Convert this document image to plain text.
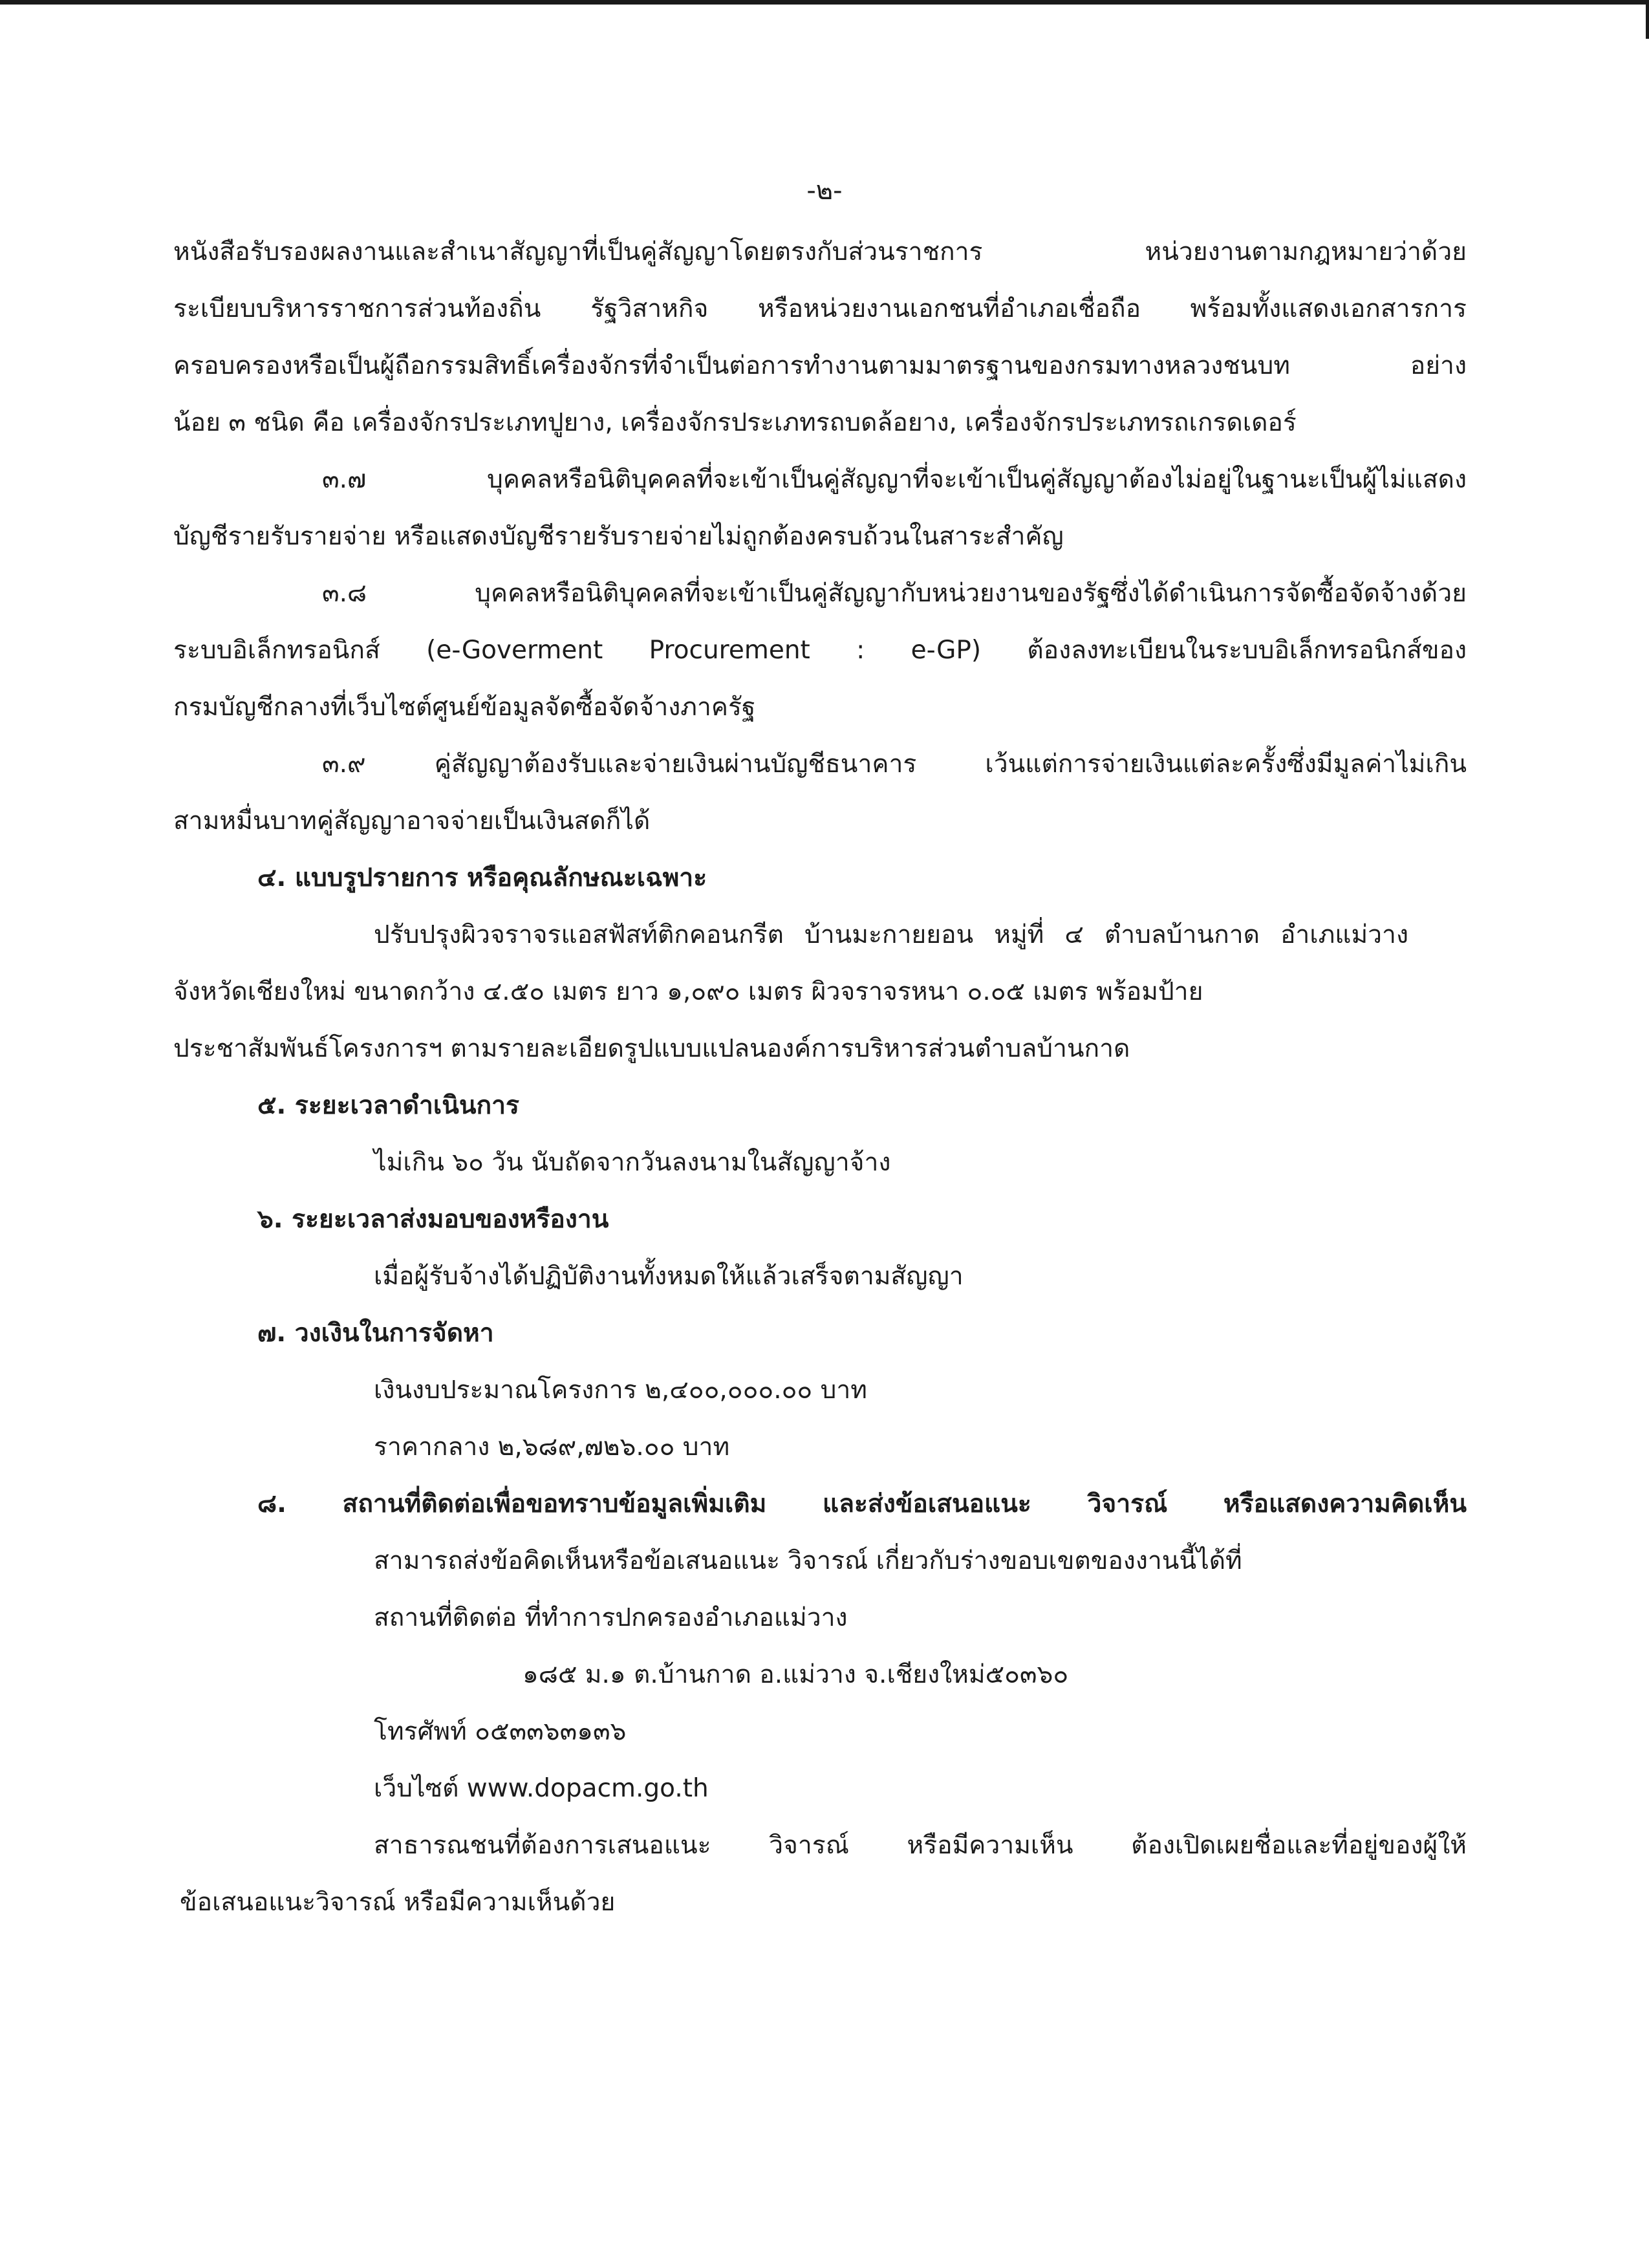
-๒-
หนังสือรับรองผลงานและสำเนาสัญญาที่เป็นคู่สัญญาโดยตรงกับส่วนราชการ หน่วยงานตามกฎหมายว่าด้วย
ระเบียบบริหารราชการส่วนท้องถิ่น รัฐวิสาหกิจ หรือหน่วยงานเอกชนที่อำเภอเชื่อถือ พร้อมทั้งแสดงเอกสารการ
ครอบครองหรือเป็นผู้ถือกรรมสิทธิ์เครื่องจักรที่จำเป็นต่อการทำงานตามมาตรฐานของกรมทางหลวงชนบท อย่าง
น้อย ๓ ชนิด คือ เครื่องจักรประเภทปูยาง, เครื่องจักรประเภทรถบดล้อยาง, เครื่องจักรประเภทรถเกรดเดอร์
๓.๗ บุคคลหรือนิติบุคคลที่จะเข้าเป็นคู่สัญญาที่จะเข้าเป็นคู่สัญญาต้องไม่อยู่ในฐานะเป็นผู้ไม่แสดง
บัญชีรายรับรายจ่าย หรือแสดงบัญชีรายรับรายจ่ายไม่ถูกต้องครบถ้วนในสาระสำคัญ
๓.๘ บุคคลหรือนิติบุคคลที่จะเข้าเป็นคู่สัญญากับหน่วยงานของรัฐซึ่งได้ดำเนินการจัดซื้อจัดจ้างด้วย
ระบบอิเล็กทรอนิกส์ (e-Goverment Procurement : e-GP) ต้องลงทะเบียนในระบบอิเล็กทรอนิกส์ของ
กรมบัญชีกลางที่เว็บไซต์ศูนย์ข้อมูลจัดซื้อจัดจ้างภาครัฐ
๓.๙ คู่สัญญาต้องรับและจ่ายเงินผ่านบัญชีธนาคาร เว้นแต่การจ่ายเงินแต่ละครั้งซึ่งมีมูลค่าไม่เกิน
สามหมื่นบาทคู่สัญญาอาจจ่ายเป็นเงินสดก็ได้
๔. แบบรูปรายการ หรือคุณลักษณะเฉพาะ
ปรับปรุงผิวจราจรแอสฟัสท์ติกคอนกรีต บ้านมะกายยอน หมู่ที่ ๔ ตำบลบ้านกาด อำเภแม่วาง
จังหวัดเชียงใหม่ ขนาดกว้าง ๔.๕๐ เมตร ยาว ๑,๐๙๐ เมตร ผิวจราจรหนา ๐.๐๕ เมตร พร้อมป้าย
ประชาสัมพันธ์โครงการฯ ตามรายละเอียดรูปแบบแปลนองค์การบริหารส่วนตำบลบ้านกาด
๕. ระยะเวลาดำเนินการ
ไม่เกิน ๖๐ วัน นับถัดจากวันลงนามในสัญญาจ้าง
๖. ระยะเวลาส่งมอบของหรืองาน
เมื่อผู้รับจ้างได้ปฏิบัติงานทั้งหมดให้แล้วเสร็จตามสัญญา
๗. วงเงินในการจัดหา
เงินงบประมาณโครงการ ๒,๔๐๐,๐๐๐.๐๐ บาท
ราคากลาง ๒,๖๘๙,๗๒๖.๐๐ บาท
๘. สถานที่ติดต่อเพื่อขอทราบข้อมูลเพิ่มเติม และส่งข้อเสนอแนะ วิจารณ์ หรือแสดงความคิดเห็น
สามารถส่งข้อคิดเห็นหรือข้อเสนอแนะ วิจารณ์ เกี่ยวกับร่างขอบเขตของงานนี้ได้ที่
สถานที่ติดต่อ ที่ทำการปกครองอำเภอแม่วาง
๑๘๕ ม.๑ ต.บ้านกาด อ.แม่วาง จ.เชียงใหม่๕๐๓๖๐
โทรศัพท์ ๐๕๓๓๖๓๑๓๖
เว็บไซต์ www.dopacm.go.th
สาธารณชนที่ต้องการเสนอแนะ วิจารณ์ หรือมีความเห็น ต้องเปิดเผยชื่อและที่อยู่ของผู้ให้
ข้อเสนอแนะวิจารณ์ หรือมีความเห็นด้วย
